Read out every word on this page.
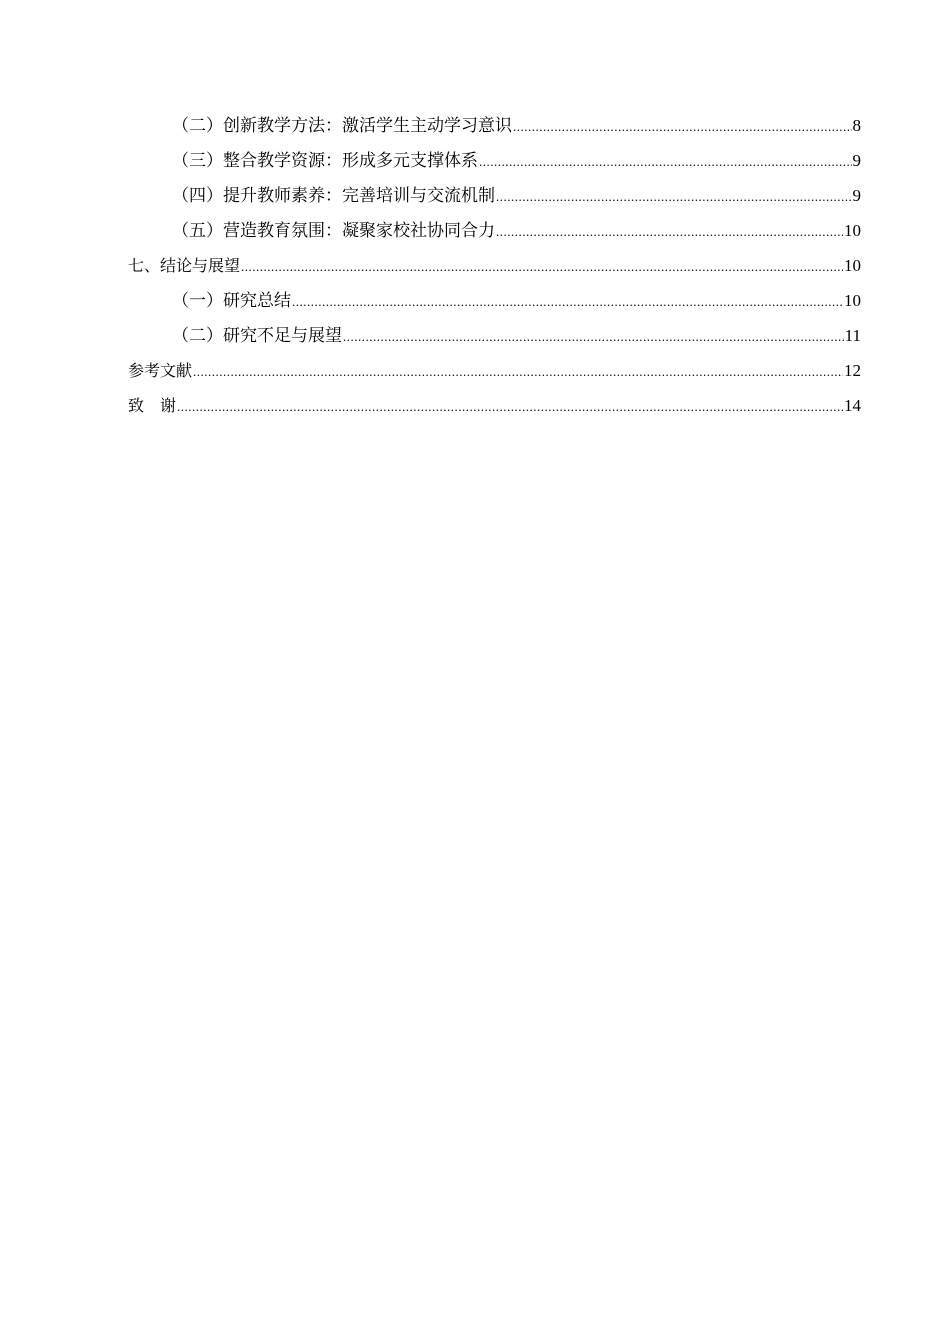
（二）创新教学方法：激活学生主动学习意识 .....	8
（三）整合教学资源：形成多元支撑体系 .....	9
（四）提升教师素养：完善培训与交流机制 .....	9
（五）营造教育氛围：凝聚家校社协同合力 .....	10
七、结论与展望 .....	10
（一）研究总结 .....	10
（二）研究不足与展望 .....	11
参考文献 .....	12
致　谢 .....	14
